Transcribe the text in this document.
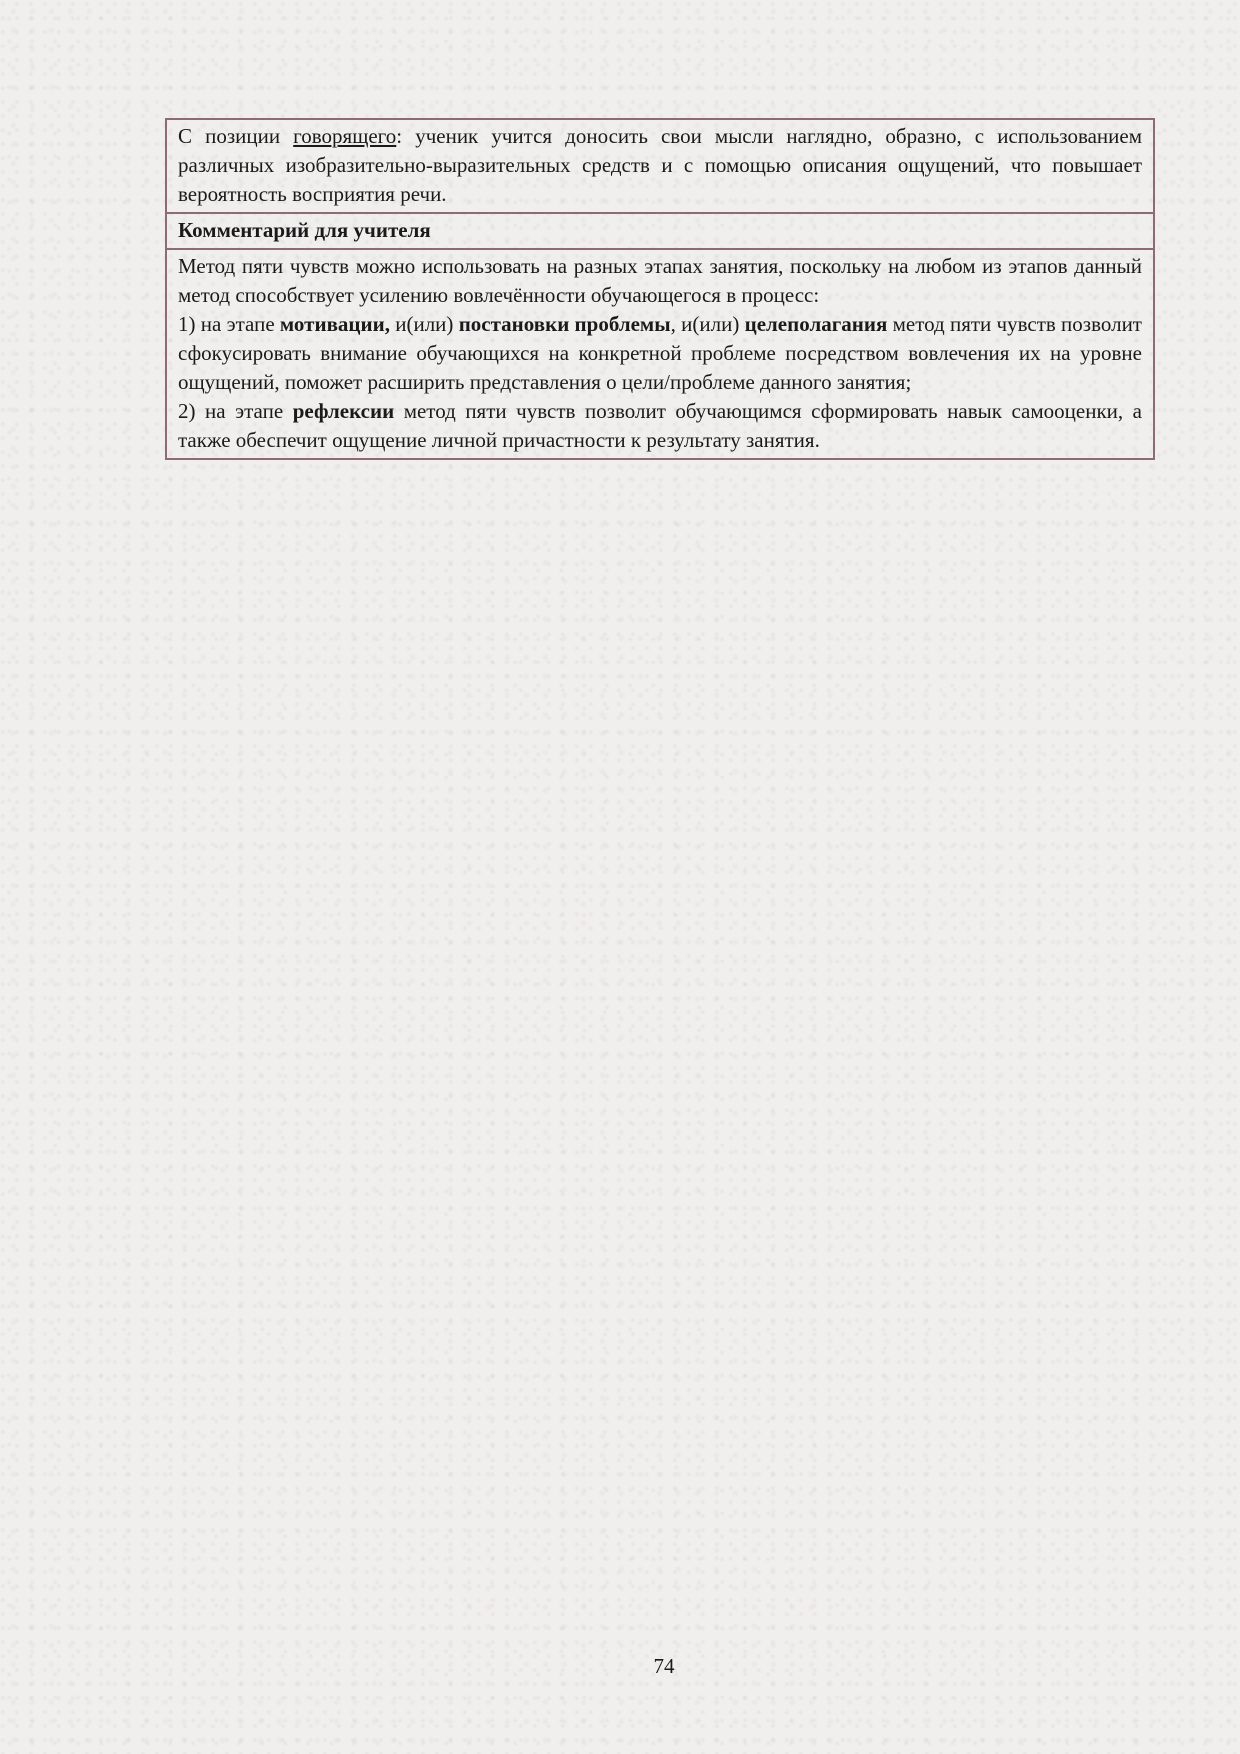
С позиции говорящего: ученик учится доносить свои мысли наглядно, образно, с использованием различных изобразительно-выразительных средств и с помощью описания ощущений, что повышает вероятность восприятия речи.
Комментарий для учителя

Метод пяти чувств можно использовать на разных этапах занятия, поскольку на любом из этапов данный метод способствует усилению вовлечённости обучающегося в процесс:

1) на этапе мотивации, и(или) постановки проблемы, и(или) целеполагания метод пяти чувств позволит сфокусировать внимание обучающихся на конкретной проблеме посредством вовлечения их на уровне ощущений, поможет расширить представления о цели/проблеме данного занятия;

2) на этапе рефлексии метод пяти чувств позволит обучающимся сформировать навык самооценки, а также обеспечит ощущение личной причастности к результату занятия.

74
